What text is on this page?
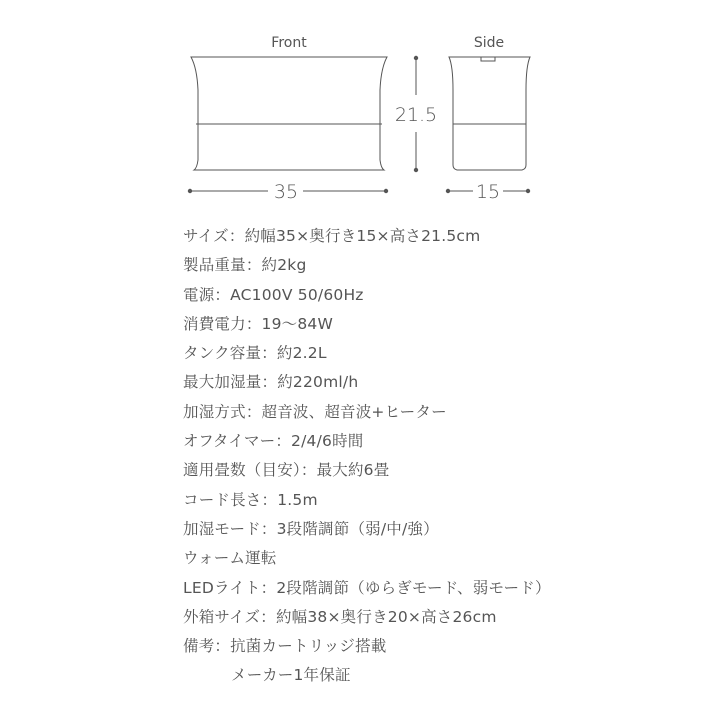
Front	Side
21.5
35	15
サイズ：約幅35×奥行き15×高さ21.5cm
製品重量：約2kg
電源：AC100V 50/60Hz
消費電力：19〜84W
タンク容量：約2.2L
最大加湿量：約220ml/h
加湿方式：超音波、超音波+ヒーター
オフタイマー：2/4/6時間
適用畳数（目安）：最大約6畳
コード長さ：1.5m
加湿モード：3段階調節（弱/中/強）
ウォーム運転
LEDライト：2段階調節（ゆらぎモード、弱モード）
外箱サイズ：約幅38×奥行き20×高さ26cm
備考：抗菌カートリッジ搭載
メーカー1年保証
